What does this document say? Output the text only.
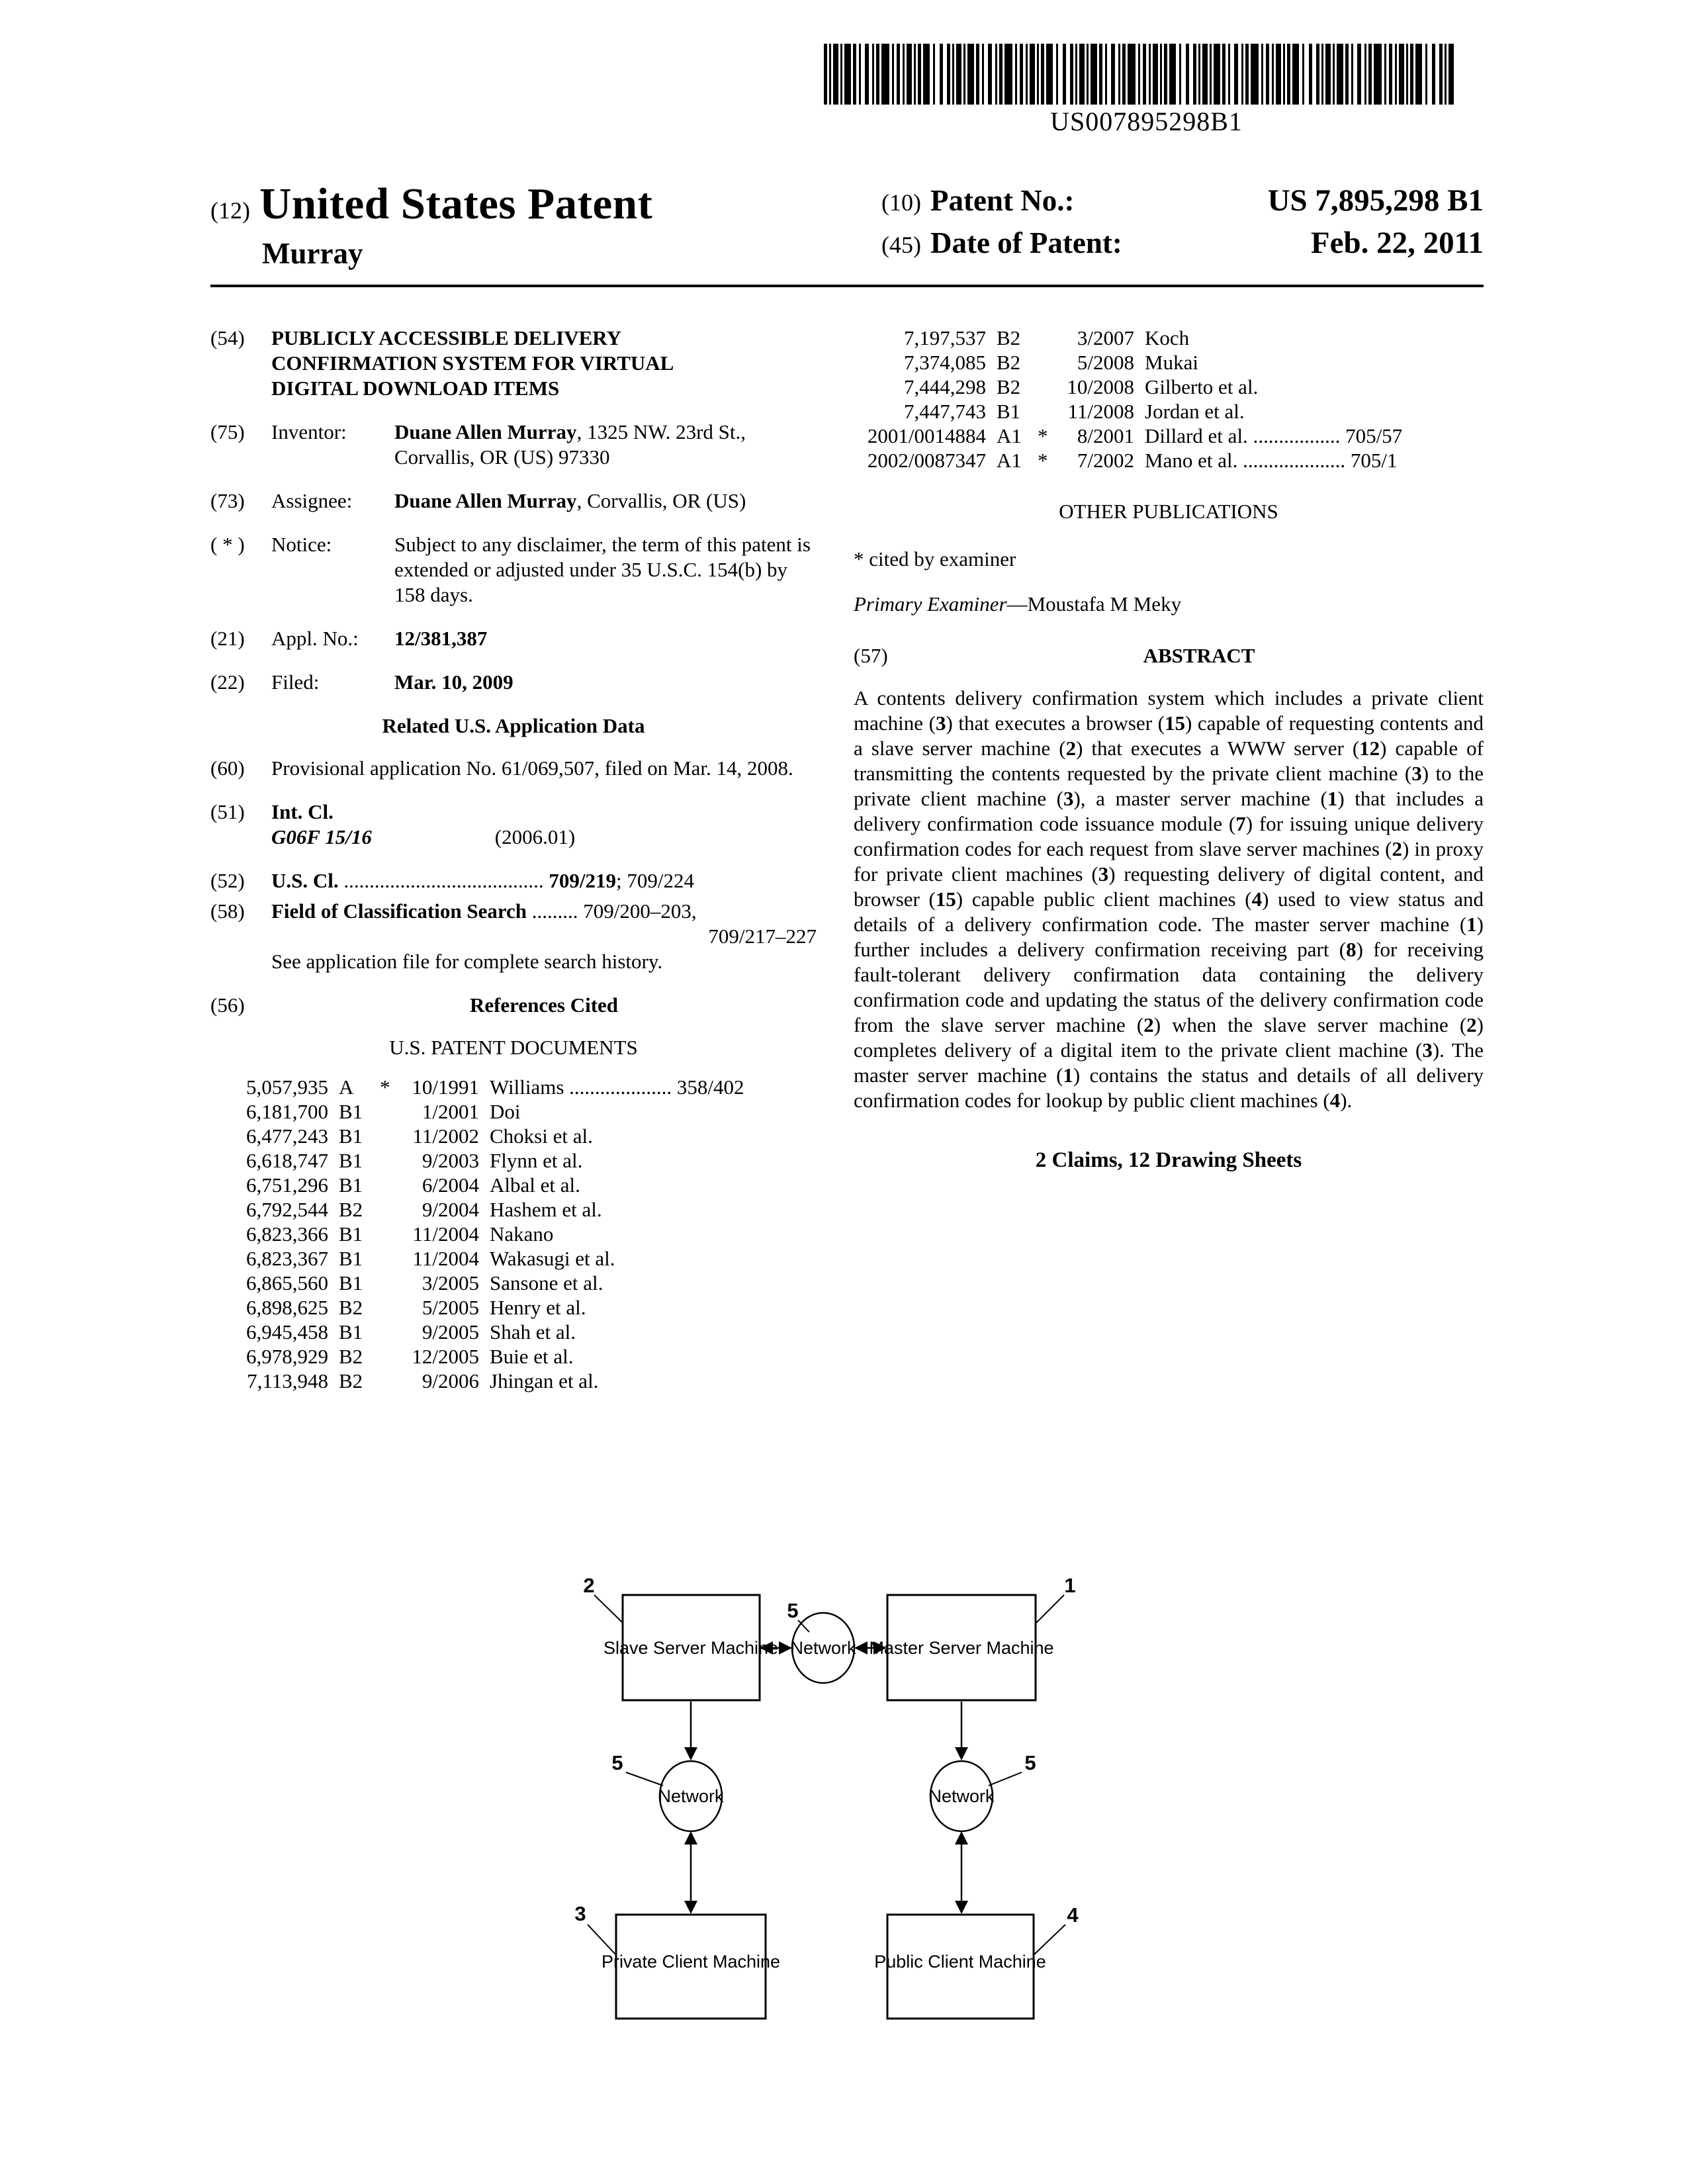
US007895298B1
(12) United States Patent
Murray
(10) Patent No.:	US 7,895,298 B1
(45) Date of Patent:	Feb. 22, 2011
(54)	PUBLICLY ACCESSIBLE DELIVERY CONFIRMATION SYSTEM FOR VIRTUAL DIGITAL DOWNLOAD ITEMS
(75)	Inventor:	Duane Allen Murray, 1325 NW. 23rd St., Corvallis, OR (US) 97330
(73)	Assignee:	Duane Allen Murray, Corvallis, OR (US)
( * )	Notice:	Subject to any disclaimer, the term of this patent is extended or adjusted under 35 U.S.C. 154(b) by 158 days.
(21)	Appl. No.:	12/381,387
(22)	Filed:	Mar. 10, 2009
Related U.S. Application Data
(60)	Provisional application No. 61/069,507, filed on Mar. 14, 2008.
(51)	Int. Cl.
G06F 15/16	(2006.01)
(52)	U.S. Cl. ....................................... 709/219; 709/224
(58)	Field of Classification Search ......... 709/200–203,
709/217–227
See application file for complete search history.
(56)	References Cited
U.S. PATENT DOCUMENTS
5,057,935 A	*	10/1991 Williams .................... 358/402
6,181,700 B1	1/2001 Doi
6,477,243 B1	11/2002 Choksi et al.
6,618,747 B1	9/2003 Flynn et al.
6,751,296 B1	6/2004 Albal et al.
6,792,544 B2	9/2004 Hashem et al.
6,823,366 B1	11/2004 Nakano
6,823,367 B1	11/2004 Wakasugi et al.
6,865,560 B1	3/2005 Sansone et al.
6,898,625 B2	5/2005 Henry et al.
6,945,458 B1	9/2005 Shah et al.
6,978,929 B2	12/2005 Buie et al.
7,113,948 B2	9/2006 Jhingan et al.
7,197,537 B2	3/2007 Koch
7,374,085 B2	5/2008 Mukai
7,444,298 B2	10/2008 Gilberto et al.
7,447,743 B1	11/2008 Jordan et al.
2001/0014884 A1 *	8/2001 Dillard et al. ................. 705/57
2002/0087347 A1 *	7/2002 Mano et al. .................... 705/1
OTHER PUBLICATIONS

* cited by examiner
Primary Examiner—Moustafa M Meky
(57)	ABSTRACT
A contents delivery confirmation system which includes a private client machine (3) that executes a browser (15) capable of requesting contents and a slave server machine (2) that executes a WWW server (12) capable of transmitting the contents requested by the private client machine (3) to the private client machine (3), a master server machine (1) that includes a delivery confirmation code issuance module (7) for issuing unique delivery confirmation codes for each request from slave server machines (2) in proxy for private client machines (3) requesting delivery of digital content, and browser (15) capable public client machines (4) used to view status and details of a delivery confirmation code. The master server machine (1) further includes a delivery confirmation receiving part (8) for receiving fault-tolerant delivery confirmation data containing the delivery confirmation code and updating the status of the delivery confirmation code from the slave server machine (2) when the slave server machine (2) completes delivery of a digital item to the private client machine (3). The master server machine (1) contains the status and details of all delivery confirmation codes for lookup by public client machines (4).
2 Claims, 12 Drawing Sheets
Slave Server Machine	Master Server Machine
Private Client Machine	Public Client Machine
Network
Network	Network
2	1
5
5	5
3	4
